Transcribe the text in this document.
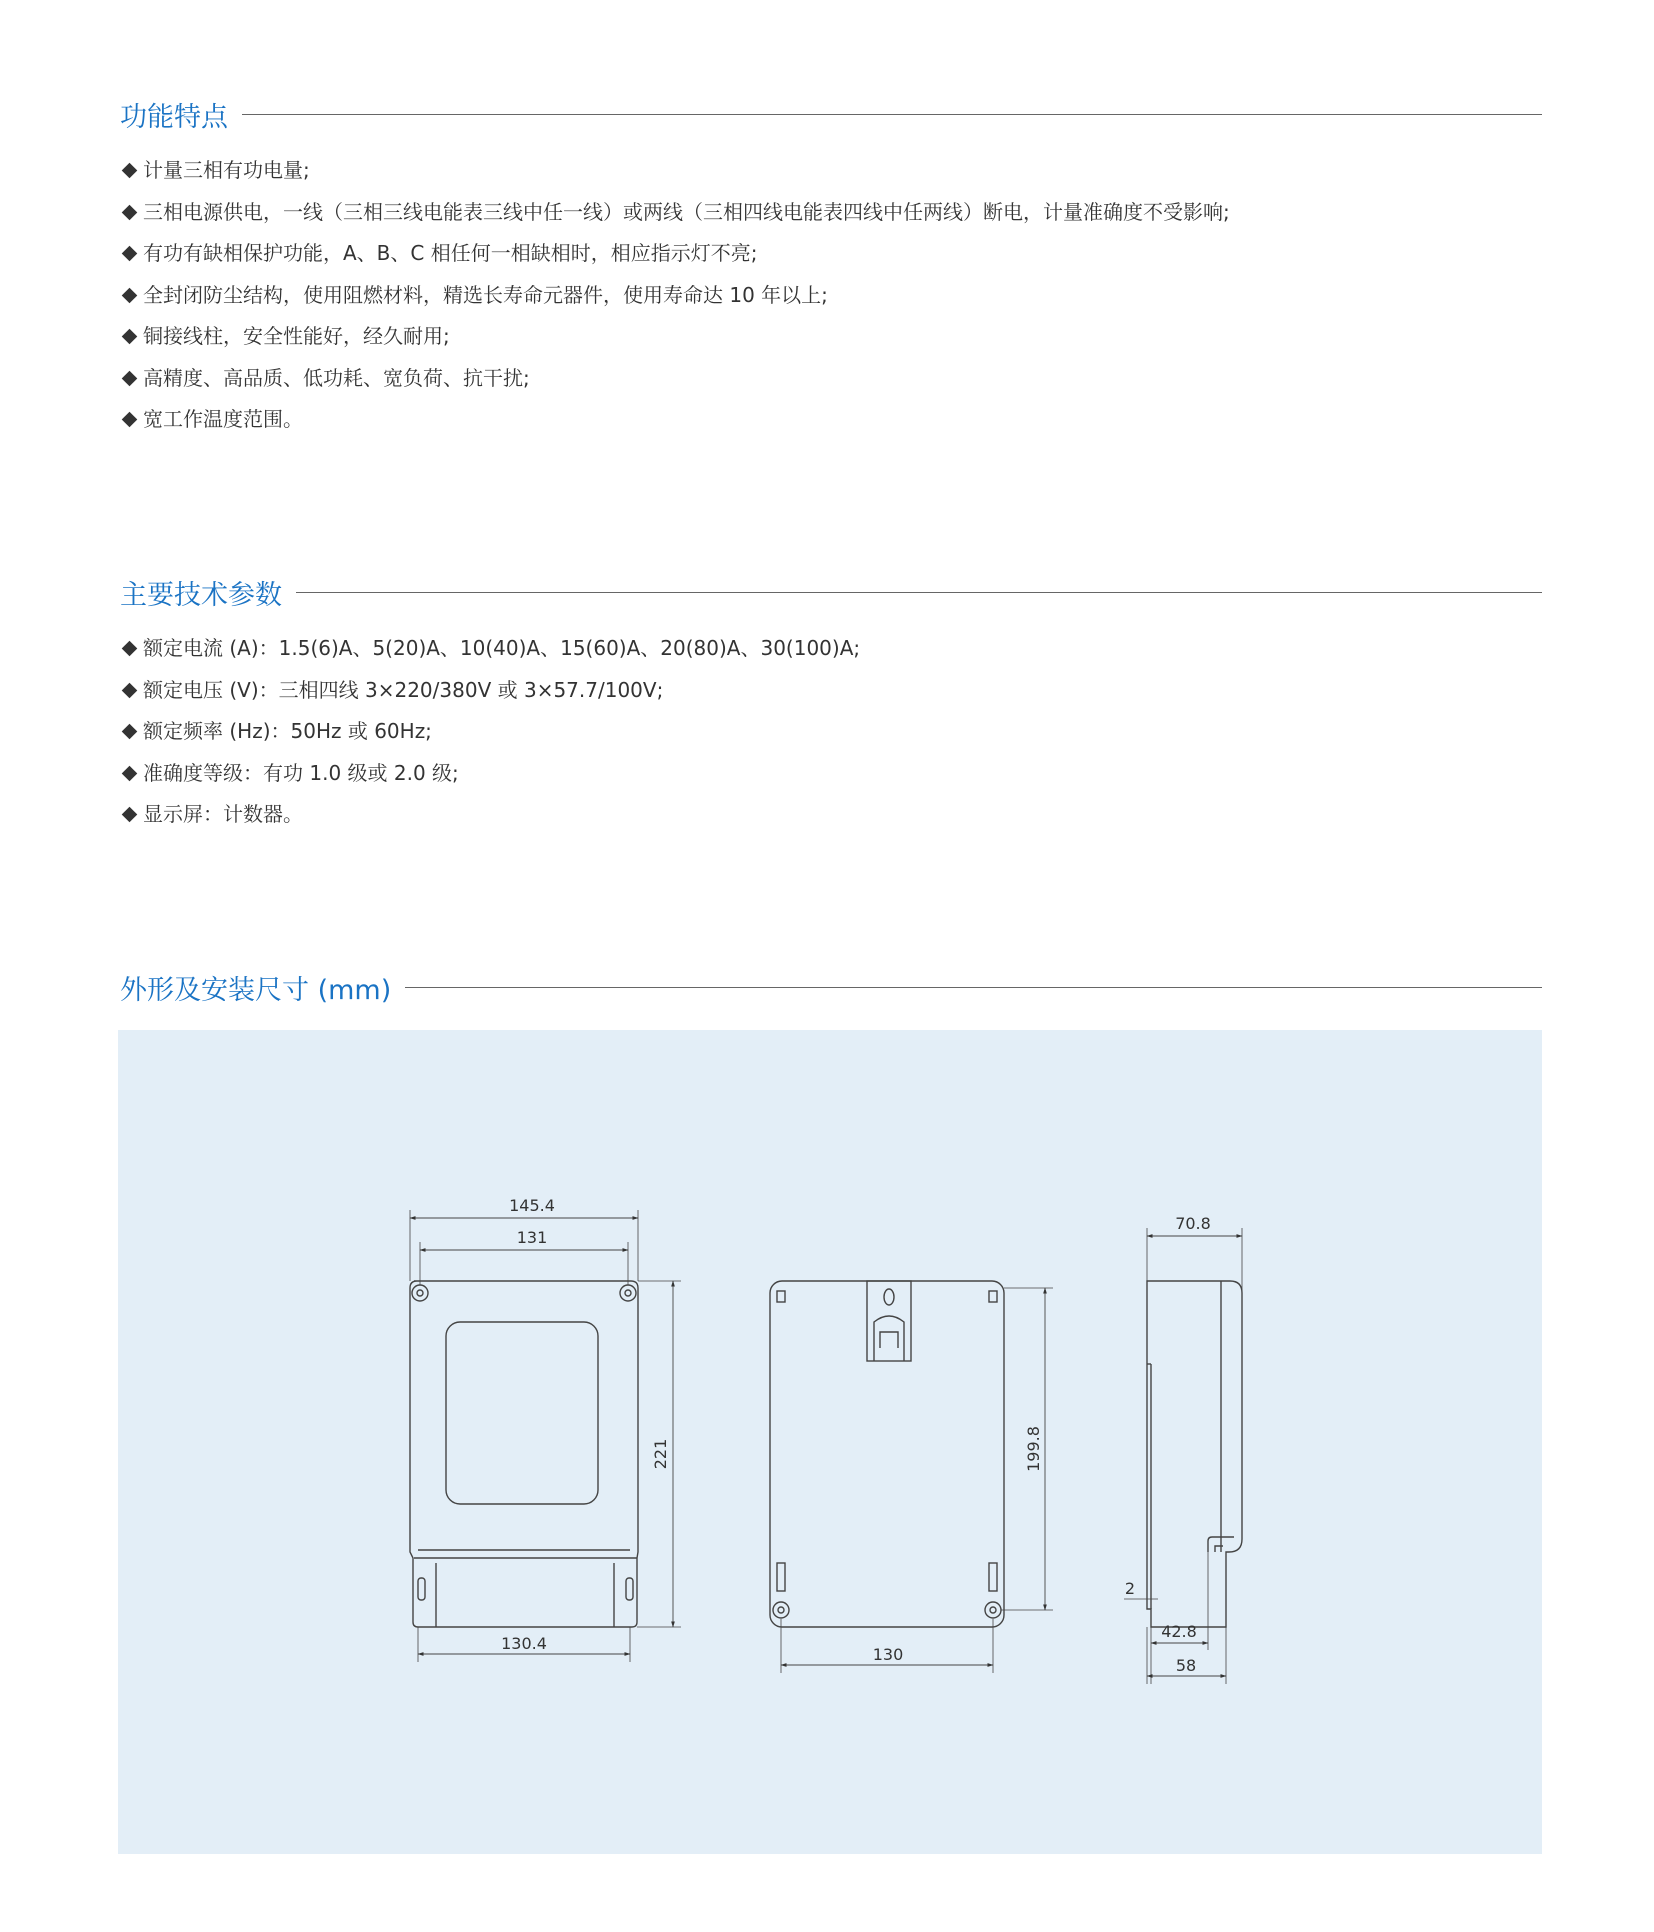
功能特点
计量三相有功电量;
三相电源供电，一线（三相三线电能表三线中任一线）或两线（三相四线电能表四线中任两线）断电，计量准确度不受影响;
有功有缺相保护功能，A、B、C 相任何一相缺相时，相应指示灯不亮;
全封闭防尘结构，使用阻燃材料，精选长寿命元器件，使用寿命达 10 年以上;
铜接线柱，安全性能好，经久耐用;
高精度、高品质、低功耗、宽负荷、抗干扰;
宽工作温度范围。
主要技术参数
额定电流 (A)：1.5(6)A、5(20)A、10(40)A、15(60)A、20(80)A、30(100)A;
额定电压 (V)：三相四线 3×220/380V 或 3×57.7/100V;
额定频率 (Hz)：50Hz 或 60Hz;
准确度等级：有功 1.0 级或 2.0 级;
显示屏：计数器。
外形及安装尺寸 (mm)
145.4
131
221
130.4
199.8
130
70.8
2
42.8
58
